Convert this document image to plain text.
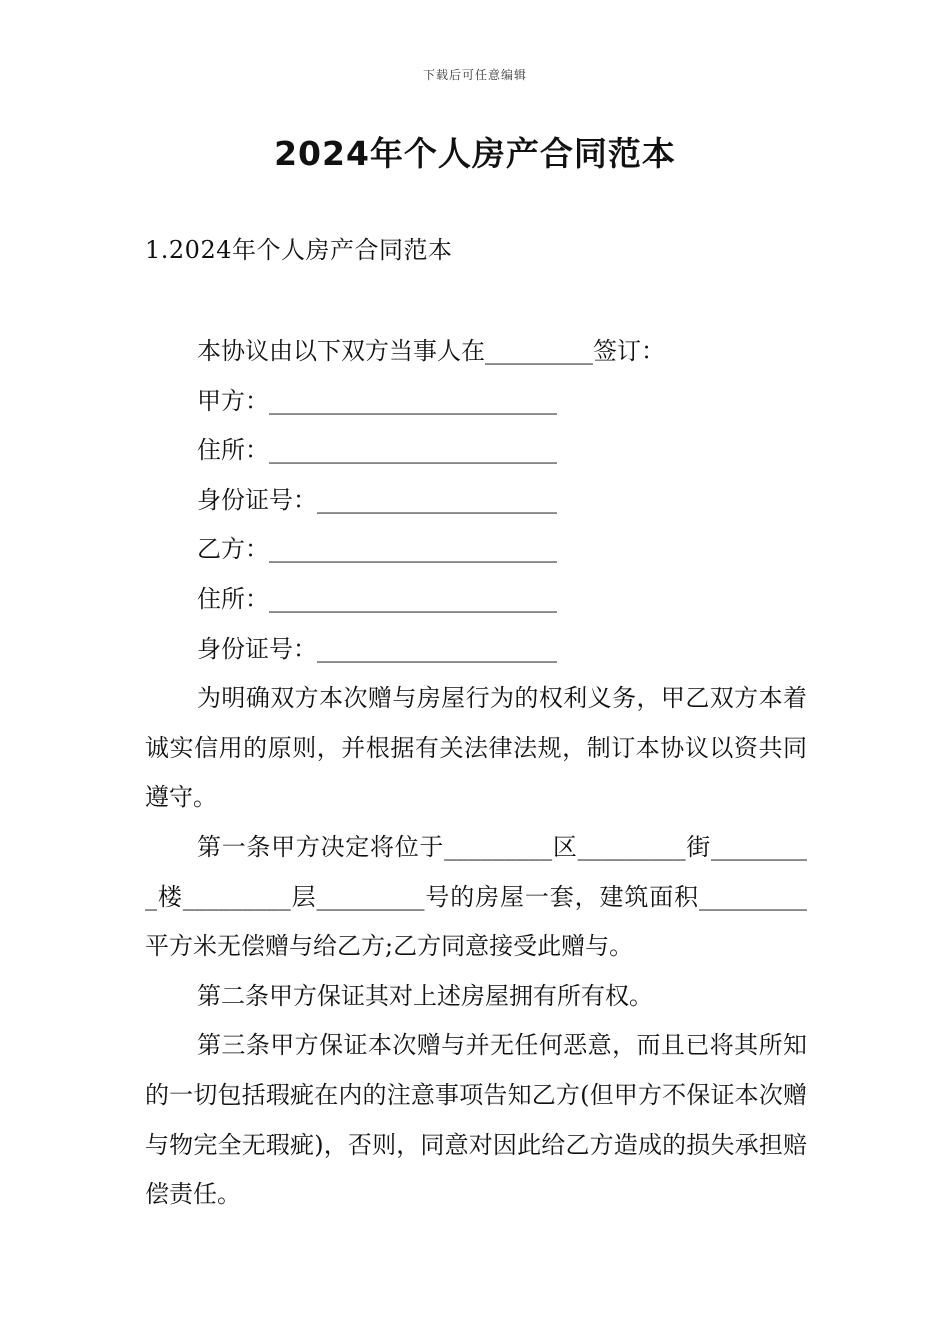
下载后可任意编辑
2024年个人房产合同范本
1.2024年个人房产合同范本

本协议由以下双方当事人在_________签订：

甲方：________________________

住所：________________________

身份证号：____________________

乙方：________________________

住所：________________________

身份证号：____________________

为明确双方本次赠与房屋行为的权利义务，甲乙双方本着诚实信用的原则，并根据有关法律法规，制订本协议以资共同遵守。

第一条甲方决定将位于_________区_________街_________楼_________层_________号的房屋一套，建筑面积_________平方米无偿赠与给乙方;乙方同意接受此赠与。

第二条甲方保证其对上述房屋拥有所有权。

第三条甲方保证本次赠与并无任何恶意，而且已将其所知的一切包括瑕疵在内的注意事项告知乙方(但甲方不保证本次赠与物完全无瑕疵)，否则，同意对因此给乙方造成的损失承担赔偿责任。
